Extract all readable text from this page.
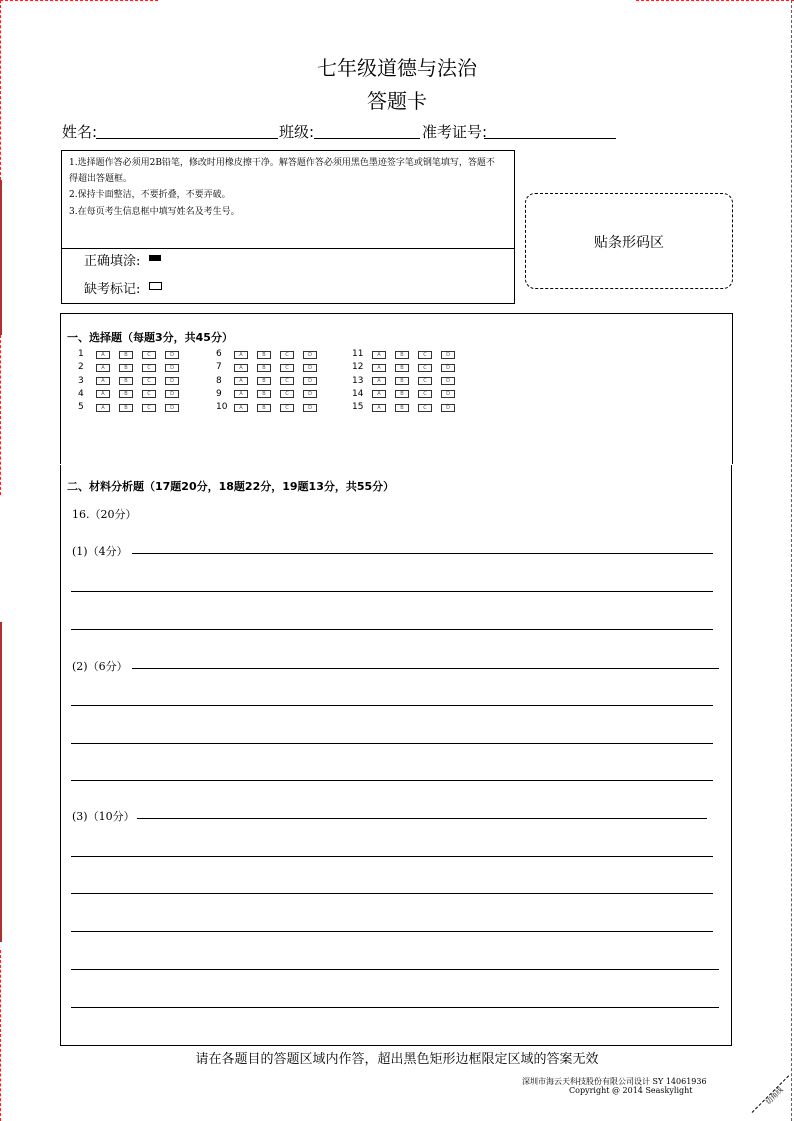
七年级道德与法治
答题卡
姓名:	班级:	准考证号:
1.选择题作答必须用2B铅笔，修改时用橡皮擦干净。解答题作答必须用黑色墨迹签字笔或钢笔填写，答题不
得超出答题框。
2.保持卡面整洁，不要折叠，不要弄破。
3.在每页考生信息框中填写姓名及考生号。
正确填涂:
缺考标记:
贴条形码区
一、选择题（每题3分，共45分）
1	A	B	C	D
2	A	B	C	D
3	A	B	C	D
4	A	B	C	D
5	A	B	C	D
6	A	B	C	D
7	A	B	C	D
8	A	B	C	D
9	A	B	C	D
10	A	B	C	D
11	A	B	C	D
12	A	B	C	D
13	A	B	C	D
14	A	B	C	D
15	A	B	C	D
二、材料分析题（17题20分，18题22分，19题13分，共55分）
16.（20分）
(1)（4分）
(2)（6分）
(3)（10分）
请在各题目的答题区域内作答，超出黑色矩形边框限定区域的答案无效
深圳市海云天科技股份有限公司设计 SY 14061936
Copyright @ 2014 Seaskylight	切角线
